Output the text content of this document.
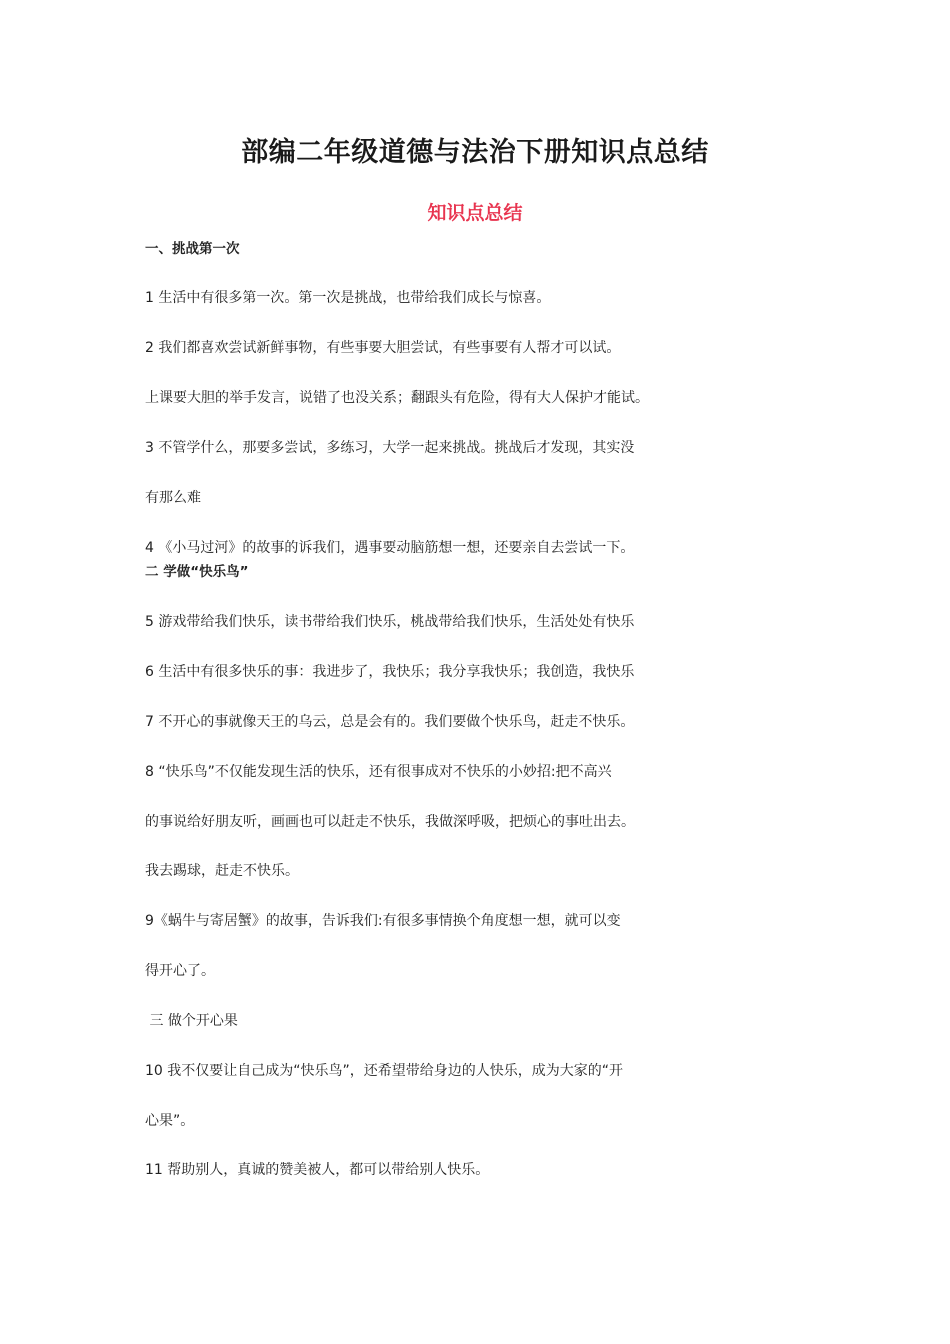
部编二年级道德与法治下册知识点总结
知识点总结

一、挑战第一次

1 生活中有很多第一次。第一次是挑战，也带给我们成长与惊喜。

2 我们都喜欢尝试新鲜事物，有些事要大胆尝试，有些事要有人帮才可以试。

上课要大胆的举手发言，说错了也没关系；翻跟头有危险，得有大人保护才能试。

3 不管学什么，那要多尝试，多练习，大学一起来挑战。挑战后才发现，其实没

有那么难

4 《小马过河》的故事的诉我们，遇事要动脑筋想一想，还要亲自去尝试一下。

二 学做“快乐鸟”

5 游戏带给我们快乐，读书带给我们快乐，桃战带给我们快乐，生活处处有快乐

6 生活中有很多快乐的事：我进步了，我快乐；我分享我快乐；我创造，我快乐

7 不开心的事就像天王的乌云，总是会有的。我们要做个快乐鸟，赶走不快乐。

8 “快乐鸟”不仅能发现生活的快乐，还有很事成对不快乐的小妙招:把不高兴

的事说给好朋友听，画画也可以赶走不快乐，我做深呼吸，把烦心的事吐出去。

我去踢球，赶走不快乐。

9《蜗牛与寄居蟹》的故事，告诉我们:有很多事情换个角度想一想，就可以变

得开心了。

三 做个开心果

10 我不仅要让自己成为“快乐鸟”，还希望带给身边的人快乐，成为大家的“开

心果”。

11 帮助别人，真诚的赞美被人，都可以带给别人快乐。
